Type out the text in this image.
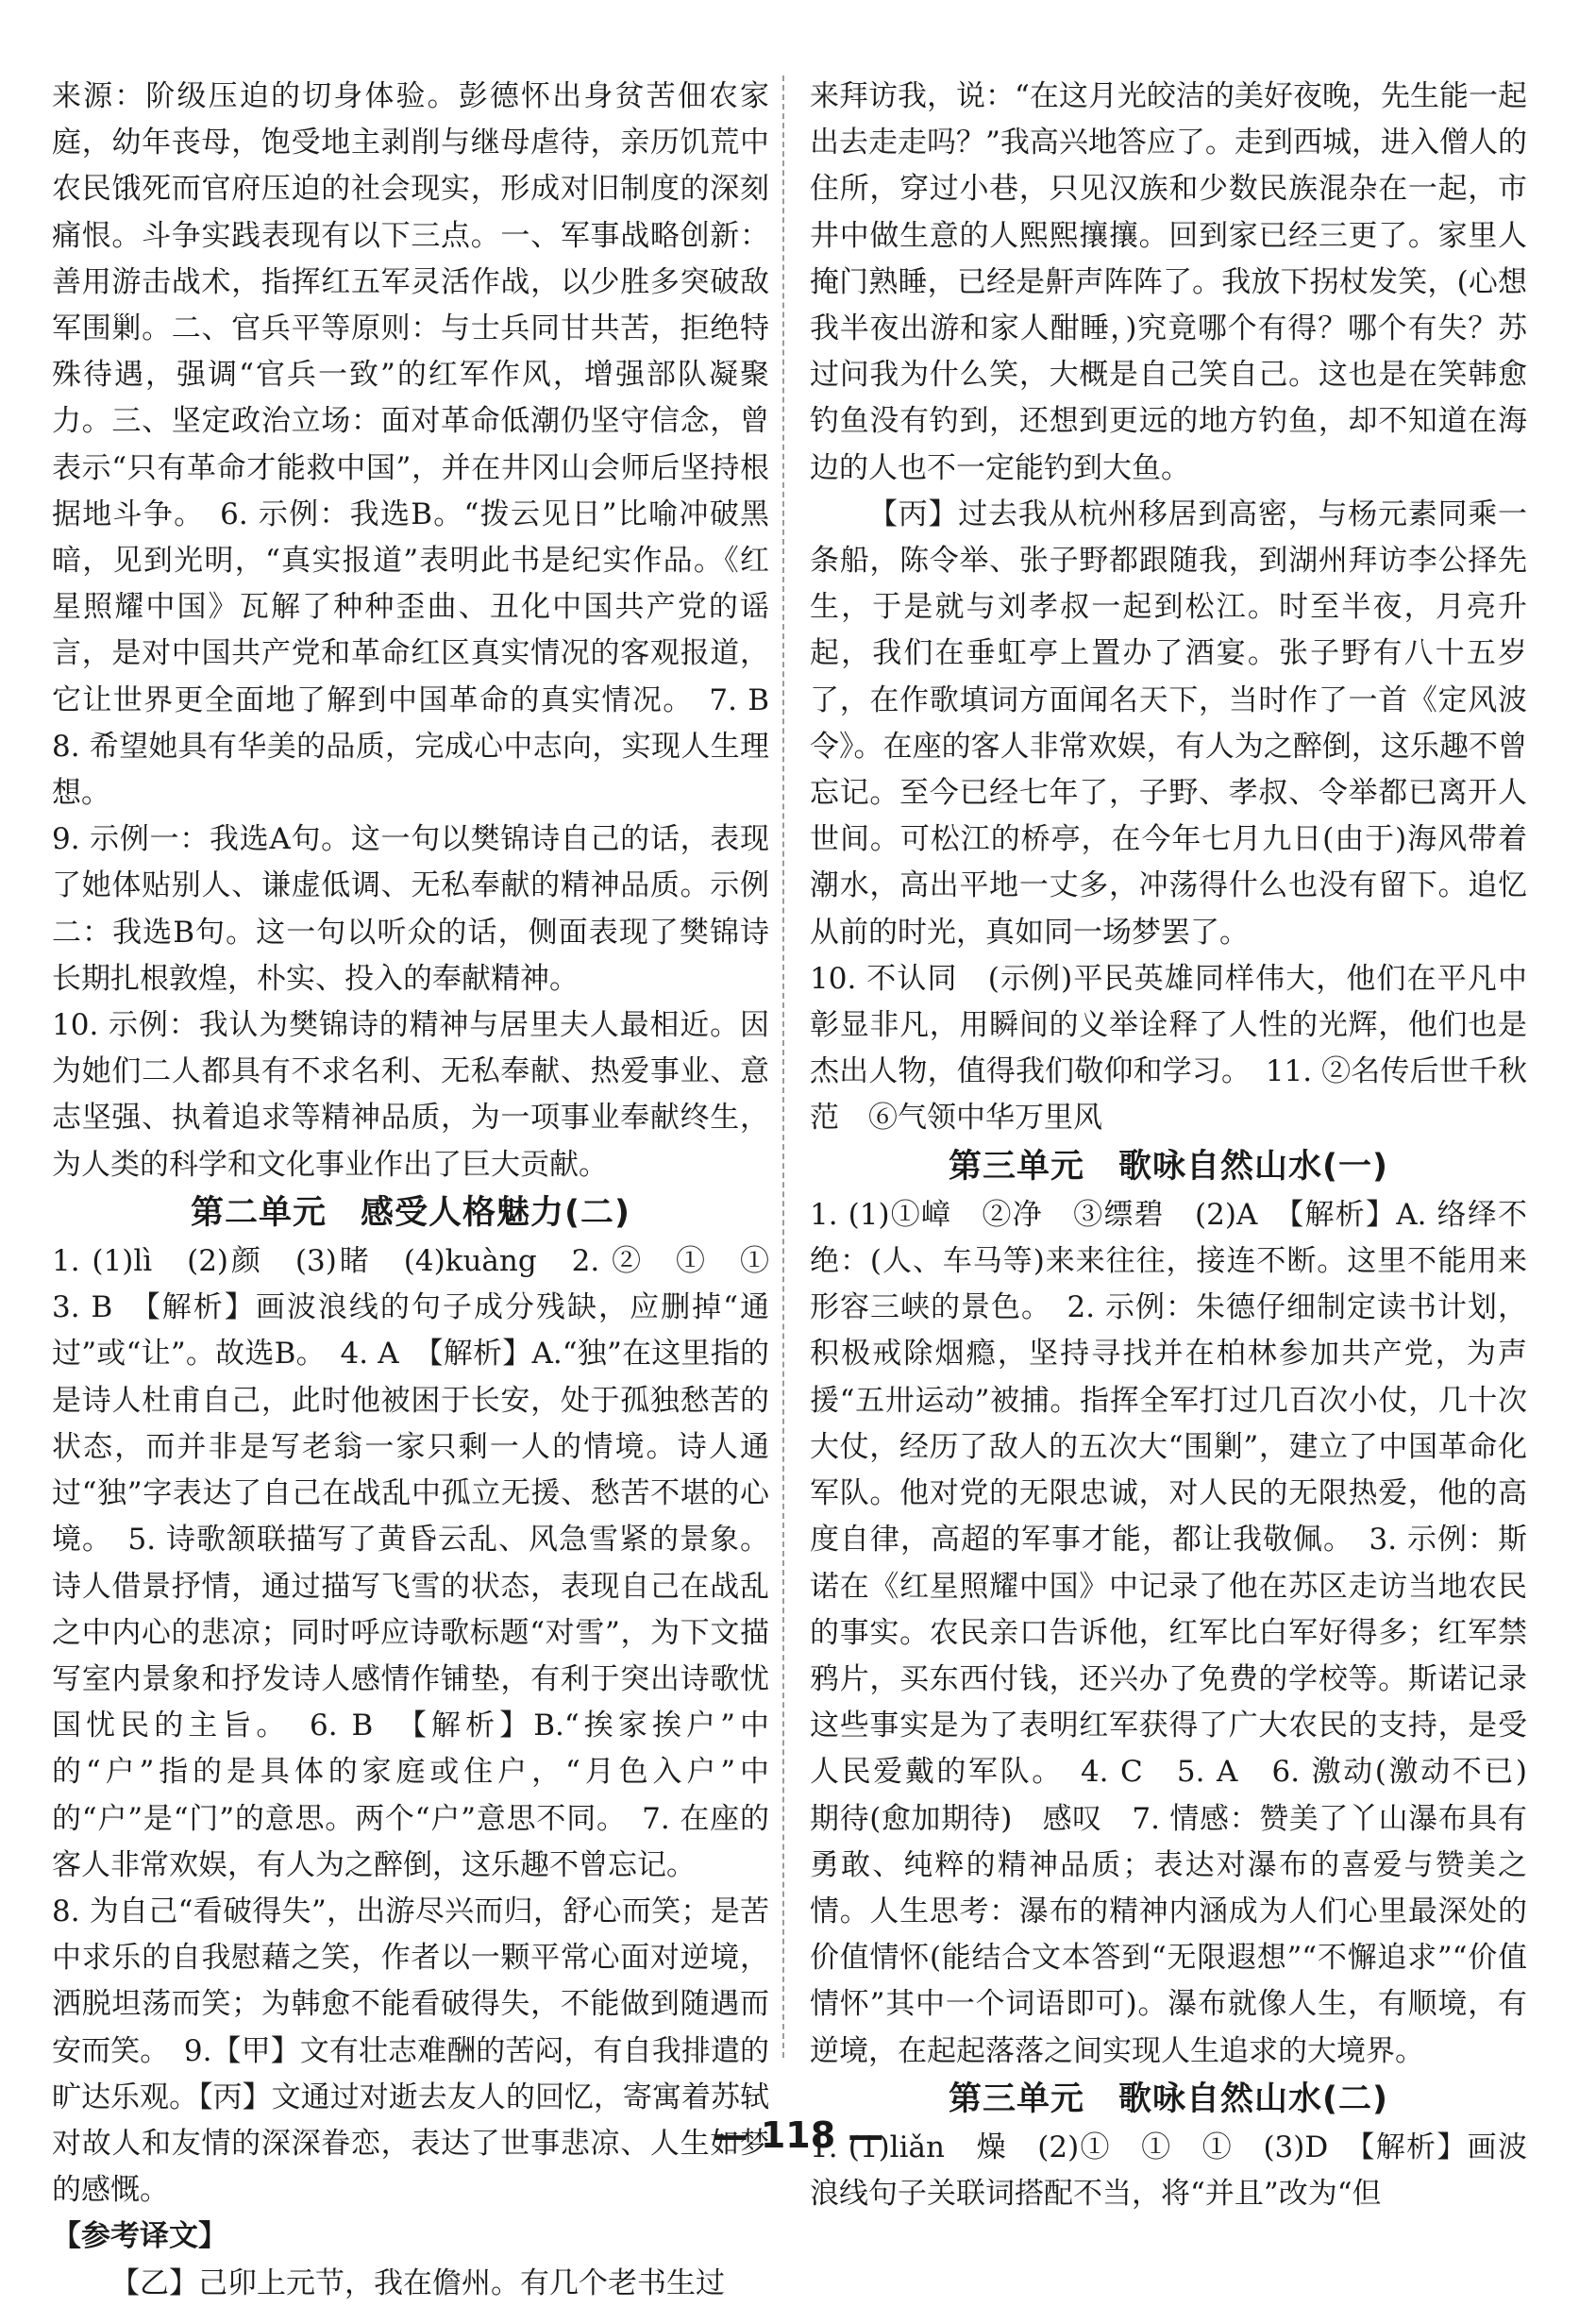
来源：阶级压迫的切身体验。彭德怀出身贫苦佃农家庭，幼年丧母，饱受地主剥削与继母虐待，亲历饥荒中农民饿死而官府压迫的社会现实，形成对旧制度的深刻痛恨。斗争实践表现有以下三点。一、军事战略创新：善用游击战术，指挥红五军灵活作战，以少胜多突破敌军围剿。二、官兵平等原则：与士兵同甘共苦，拒绝特殊待遇，强调“官兵一致”的红军作风，增强部队凝聚力。三、坚定政治立场：面对革命低潮仍坚守信念，曾表示“只有革命才能救中国”，并在井冈山会师后坚持根据地斗争。　6. 示例：我选B。“拨云见日”比喻冲破黑暗，见到光明，“真实报道”表明此书是纪实作品。《红星照耀中国》瓦解了种种歪曲、丑化中国共产党的谣言，是对中国共产党和革命红区真实情况的客观报道，它让世界更全面地了解到中国革命的真实情况。　7. B　8. 希望她具有华美的品质，完成心中志向，实现人生理想。

9. 示例一：我选A句。这一句以樊锦诗自己的话，表现了她体贴别人、谦虚低调、无私奉献的精神品质。示例二：我选B句。这一句以听众的话，侧面表现了樊锦诗长期扎根敦煌，朴实、投入的奉献精神。

10. 示例：我认为樊锦诗的精神与居里夫人最相近。因为她们二人都具有不求名利、无私奉献、热爱事业、意志坚强、执着追求等精神品质，为一项事业奉献终生，为人类的科学和文化事业作出了巨大贡献。

第二单元　感受人格魅力(二)

1. (1)lì　(2)颜　(3)睹　(4)kuàng　2. ②　①　①　3. B　【解析】画波浪线的句子成分残缺，应删掉“通过”或“让”。故选B。　4. A　【解析】A.“独”在这里指的是诗人杜甫自己，此时他被困于长安，处于孤独愁苦的状态，而并非是写老翁一家只剩一人的情境。诗人通过“独”字表达了自己在战乱中孤立无援、愁苦不堪的心境。　5. 诗歌颔联描写了黄昏云乱、风急雪紧的景象。诗人借景抒情，通过描写飞雪的状态，表现自己在战乱之中内心的悲凉；同时呼应诗歌标题“对雪”，为下文描写室内景象和抒发诗人感情作铺垫，有利于突出诗歌忧国忧民的主旨。　6. B　【解析】B.“挨家挨户”中的“户”指的是具体的家庭或住户，“月色入户”中的“户”是“门”的意思。两个“户”意思不同。　7. 在座的客人非常欢娱，有人为之醉倒，这乐趣不曾忘记。

8. 为自己“看破得失”，出游尽兴而归，舒心而笑；是苦中求乐的自我慰藉之笑，作者以一颗平常心面对逆境，洒脱坦荡而笑；为韩愈不能看破得失，不能做到随遇而安而笑。　9.【甲】文有壮志难酬的苦闷，有自我排遣的旷达乐观。【丙】文通过对逝去友人的回忆，寄寓着苏轼对故人和友情的深深眷恋，表达了世事悲凉、人生如梦的感慨。

【参考译文】

【乙】己卯上元节，我在儋州。有几个老书生过

来拜访我，说：“在这月光皎洁的美好夜晚，先生能一起出去走走吗？”我高兴地答应了。走到西城，进入僧人的住所，穿过小巷，只见汉族和少数民族混杂在一起，市井中做生意的人熙熙攘攘。回到家已经三更了。家里人掩门熟睡，已经是鼾声阵阵了。我放下拐杖发笑，(心想我半夜出游和家人酣睡，)究竟哪个有得？哪个有失？苏过问我为什么笑，大概是自己笑自己。这也是在笑韩愈钓鱼没有钓到，还想到更远的地方钓鱼，却不知道在海边的人也不一定能钓到大鱼。

【丙】过去我从杭州移居到高密，与杨元素同乘一条船，陈令举、张子野都跟随我，到湖州拜访李公择先生，于是就与刘孝叔一起到松江。时至半夜，月亮升起，我们在垂虹亭上置办了酒宴。张子野有八十五岁了，在作歌填词方面闻名天下，当时作了一首《定风波令》。在座的客人非常欢娱，有人为之醉倒，这乐趣不曾忘记。至今已经七年了，子野、孝叔、令举都已离开人世间。可松江的桥亭，在今年七月九日(由于)海风带着潮水，高出平地一丈多，冲荡得什么也没有留下。追忆从前的时光，真如同一场梦罢了。

10. 不认同　(示例)平民英雄同样伟大，他们在平凡中彰显非凡，用瞬间的义举诠释了人性的光辉，他们也是杰出人物，值得我们敬仰和学习。　11. ②名传后世千秋范　⑥气领中华万里风

第三单元　歌咏自然山水(一)

1. (1)①嶂　②净　③缥碧　(2)A　【解析】A. 络绎不绝：(人、车马等)来来往往，接连不断。这里不能用来形容三峡的景色。　2. 示例：朱德仔细制定读书计划，积极戒除烟瘾，坚持寻找并在柏林参加共产党，为声援“五卅运动”被捕。指挥全军打过几百次小仗，几十次大仗，经历了敌人的五次大“围剿”，建立了中国革命化军队。他对党的无限忠诚，对人民的无限热爱，他的高度自律，高超的军事才能，都让我敬佩。　3. 示例：斯诺在《红星照耀中国》中记录了他在苏区走访当地农民的事实。农民亲口告诉他，红军比白军好得多；红军禁鸦片，买东西付钱，还兴办了免费的学校等。斯诺记录这些事实是为了表明红军获得了广大农民的支持，是受人民爱戴的军队。　4. C　5. A　6. 激动(激动不已)　期待(愈加期待)　感叹　7. 情感：赞美了丫山瀑布具有勇敢、纯粹的精神品质；表达对瀑布的喜爱与赞美之情。人生思考：瀑布的精神内涵成为人们心里最深处的价值情怀(能结合文本答到“无限遐想”“不懈追求”“价值情怀”其中一个词语即可)。瀑布就像人生，有顺境，有逆境，在起起落落之间实现人生追求的大境界。

第三单元　歌咏自然山水(二)

1. (1)liǎn　燥　(2)①　①　①　(3)D　【解析】画波浪线句子关联词搭配不当，将“并且”改为“但

— 118 —
